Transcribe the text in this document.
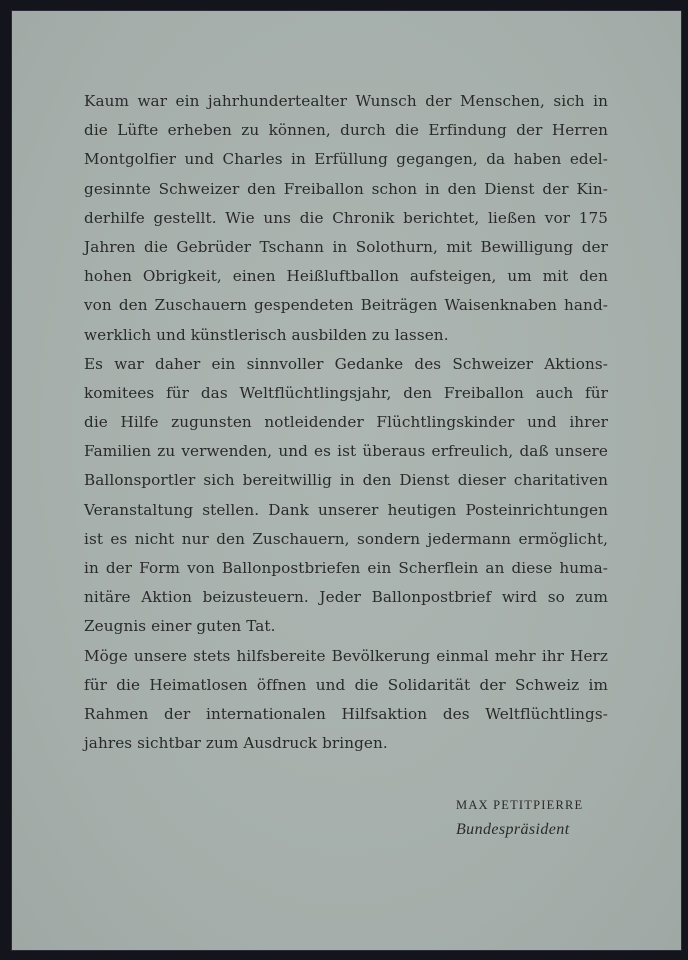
Kaum war ein jahrhundertealter Wunsch der Menschen, sich in
die Lüfte erheben zu können, durch die Erfindung der Herren
Montgolfier und Charles in Erfüllung gegangen, da haben edel-
gesinnte Schweizer den Freiballon schon in den Dienst der Kin-
derhilfe gestellt. Wie uns die Chronik berichtet, ließen vor 175
Jahren die Gebrüder Tschann in Solothurn, mit Bewilligung der
hohen Obrigkeit, einen Heißluftballon aufsteigen, um mit den
von den Zuschauern gespendeten Beiträgen Waisenknaben hand-
werklich und künstlerisch ausbilden zu lassen.
Es war daher ein sinnvoller Gedanke des Schweizer Aktions-
komitees für das Weltflüchtlingsjahr, den Freiballon auch für
die Hilfe zugunsten notleidender Flüchtlingskinder und ihrer
Familien zu verwenden, und es ist überaus erfreulich, daß unsere
Ballonsportler sich bereitwillig in den Dienst dieser charitativen
Veranstaltung stellen. Dank unserer heutigen Posteinrichtungen
ist es nicht nur den Zuschauern, sondern jedermann ermöglicht,
in der Form von Ballonpostbriefen ein Scherflein an diese huma-
nitäre Aktion beizusteuern. Jeder Ballonpostbrief wird so zum
Zeugnis einer guten Tat.
Möge unsere stets hilfsbereite Bevölkerung einmal mehr ihr Herz
für die Heimatlosen öffnen und die Solidarität der Schweiz im
Rahmen der internationalen Hilfsaktion des Weltflüchtlings-
jahres sichtbar zum Ausdruck bringen.
MAX PETITPIERRE
Bundespräsident
